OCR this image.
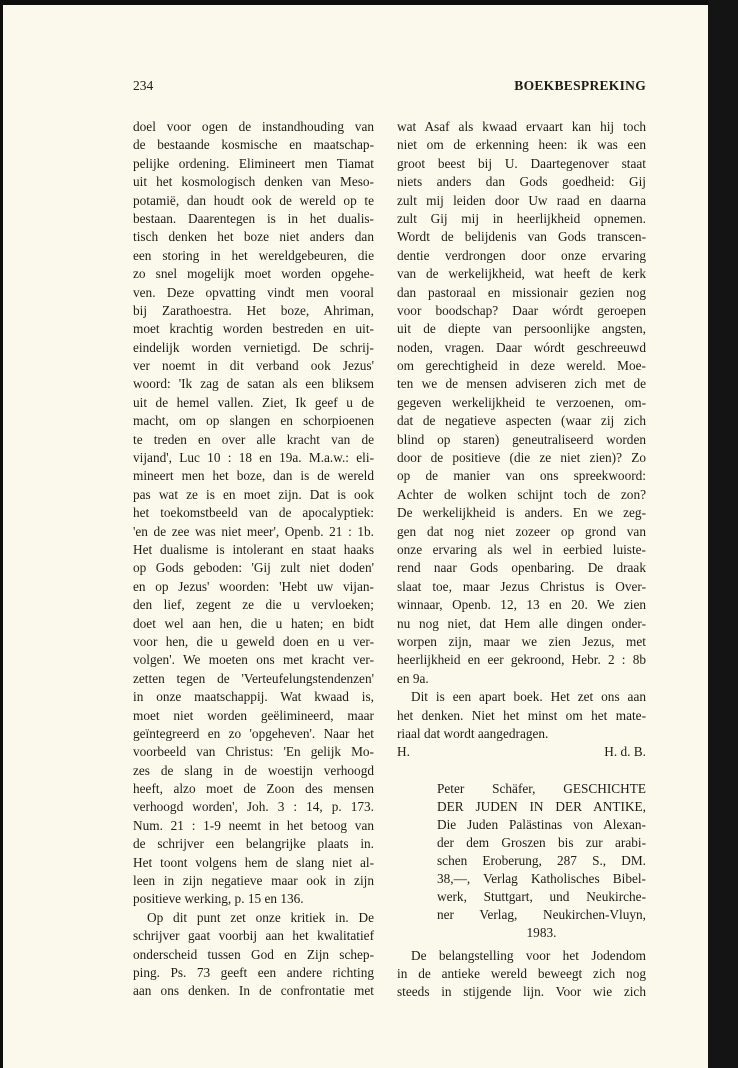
234	BOEKBESPREKING
doel voor ogen de instandhouding van
de bestaande kosmische en maatschap-
pelijke ordening. Elimineert men Tiamat
uit het kosmologisch denken van Meso-
potamië, dan houdt ook de wereld op te
bestaan. Daarentegen is in het dualis-
tisch denken het boze niet anders dan
een storing in het wereldgebeuren, die
zo snel mogelijk moet worden opgehe-
ven. Deze opvatting vindt men vooral
bij Zarathoestra. Het boze, Ahriman,
moet krachtig worden bestreden en uit-
eindelijk worden vernietigd. De schrij-
ver noemt in dit verband ook Jezus'
woord: 'Ik zag de satan als een bliksem
uit de hemel vallen. Ziet, Ik geef u de
macht, om op slangen en schorpioenen
te treden en over alle kracht van de
vijand', Luc 10 : 18 en 19a. M.a.w.: eli-
mineert men het boze, dan is de wereld
pas wat ze is en moet zijn. Dat is ook
het toekomstbeeld van de apocalyptiek:
'en de zee was niet meer', Openb. 21 : 1b.
Het dualisme is intolerant en staat haaks
op Gods geboden: 'Gij zult niet doden'
en op Jezus' woorden: 'Hebt uw vijan-
den lief, zegent ze die u vervloeken;
doet wel aan hen, die u haten; en bidt
voor hen, die u geweld doen en u ver-
volgen'. We moeten ons met kracht ver-
zetten tegen de 'Verteufelungstendenzen'
in onze maatschappij. Wat kwaad is,
moet niet worden geëlimineerd, maar
geïntegreerd en zo 'opgeheven'. Naar het
voorbeeld van Christus: 'En gelijk Mo-
zes de slang in de woestijn verhoogd
heeft, alzo moet de Zoon des mensen
verhoogd worden', Joh. 3 : 14, p. 173.
Num. 21 : 1-9 neemt in het betoog van
de schrijver een belangrijke plaats in.
Het toont volgens hem de slang niet al-
leen in zijn negatieve maar ook in zijn
positieve werking, p. 15 en 136.
Op dit punt zet onze kritiek in. De
schrijver gaat voorbij aan het kwalitatief
onderscheid tussen God en Zijn schep-
ping. Ps. 73 geeft een andere richting
aan ons denken. In de confrontatie met
wat Asaf als kwaad ervaart kan hij toch
niet om de erkenning heen: ik was een
groot beest bij U. Daartegenover staat
niets anders dan Gods goedheid: Gij
zult mij leiden door Uw raad en daarna
zult Gij mij in heerlijkheid opnemen.
Wordt de belijdenis van Gods transcen-
dentie verdrongen door onze ervaring
van de werkelijkheid, wat heeft de kerk
dan pastoraal en missionair gezien nog
voor boodschap? Daar wórdt geroepen
uit de diepte van persoonlijke angsten,
noden, vragen. Daar wórdt geschreeuwd
om gerechtigheid in deze wereld. Moe-
ten we de mensen adviseren zich met de
gegeven werkelijkheid te verzoenen, om-
dat de negatieve aspecten (waar zij zich
blind op staren) geneutraliseerd worden
door de positieve (die ze niet zien)? Zo
op de manier van ons spreekwoord:
Achter de wolken schijnt toch de zon?
De werkelijkheid is anders. En we zeg-
gen dat nog niet zozeer op grond van
onze ervaring als wel in eerbied luiste-
rend naar Gods openbaring. De draak
slaat toe, maar Jezus Christus is Over-
winnaar, Openb. 12, 13 en 20. We zien
nu nog niet, dat Hem alle dingen onder-
worpen zijn, maar we zien Jezus, met
heerlijkheid en eer gekroond, Hebr. 2 : 8b
en 9a.
Dit is een apart boek. Het zet ons aan
het denken. Niet het minst om het mate-
riaal dat wordt aangedragen.
H.	H. d. B.
Peter Schäfer, GESCHICHTE
DER JUDEN IN DER ANTIKE,
Die Juden Palästinas von Alexan-
der dem Groszen bis zur arabi-
schen Eroberung, 287 S., DM.
38,—, Verlag Katholisches Bibel-
werk, Stuttgart, und Neukirche-
ner Verlag, Neukirchen-Vluyn,
1983.
De belangstelling voor het Jodendom
in de antieke wereld beweegt zich nog
steeds in stijgende lijn. Voor wie zich
